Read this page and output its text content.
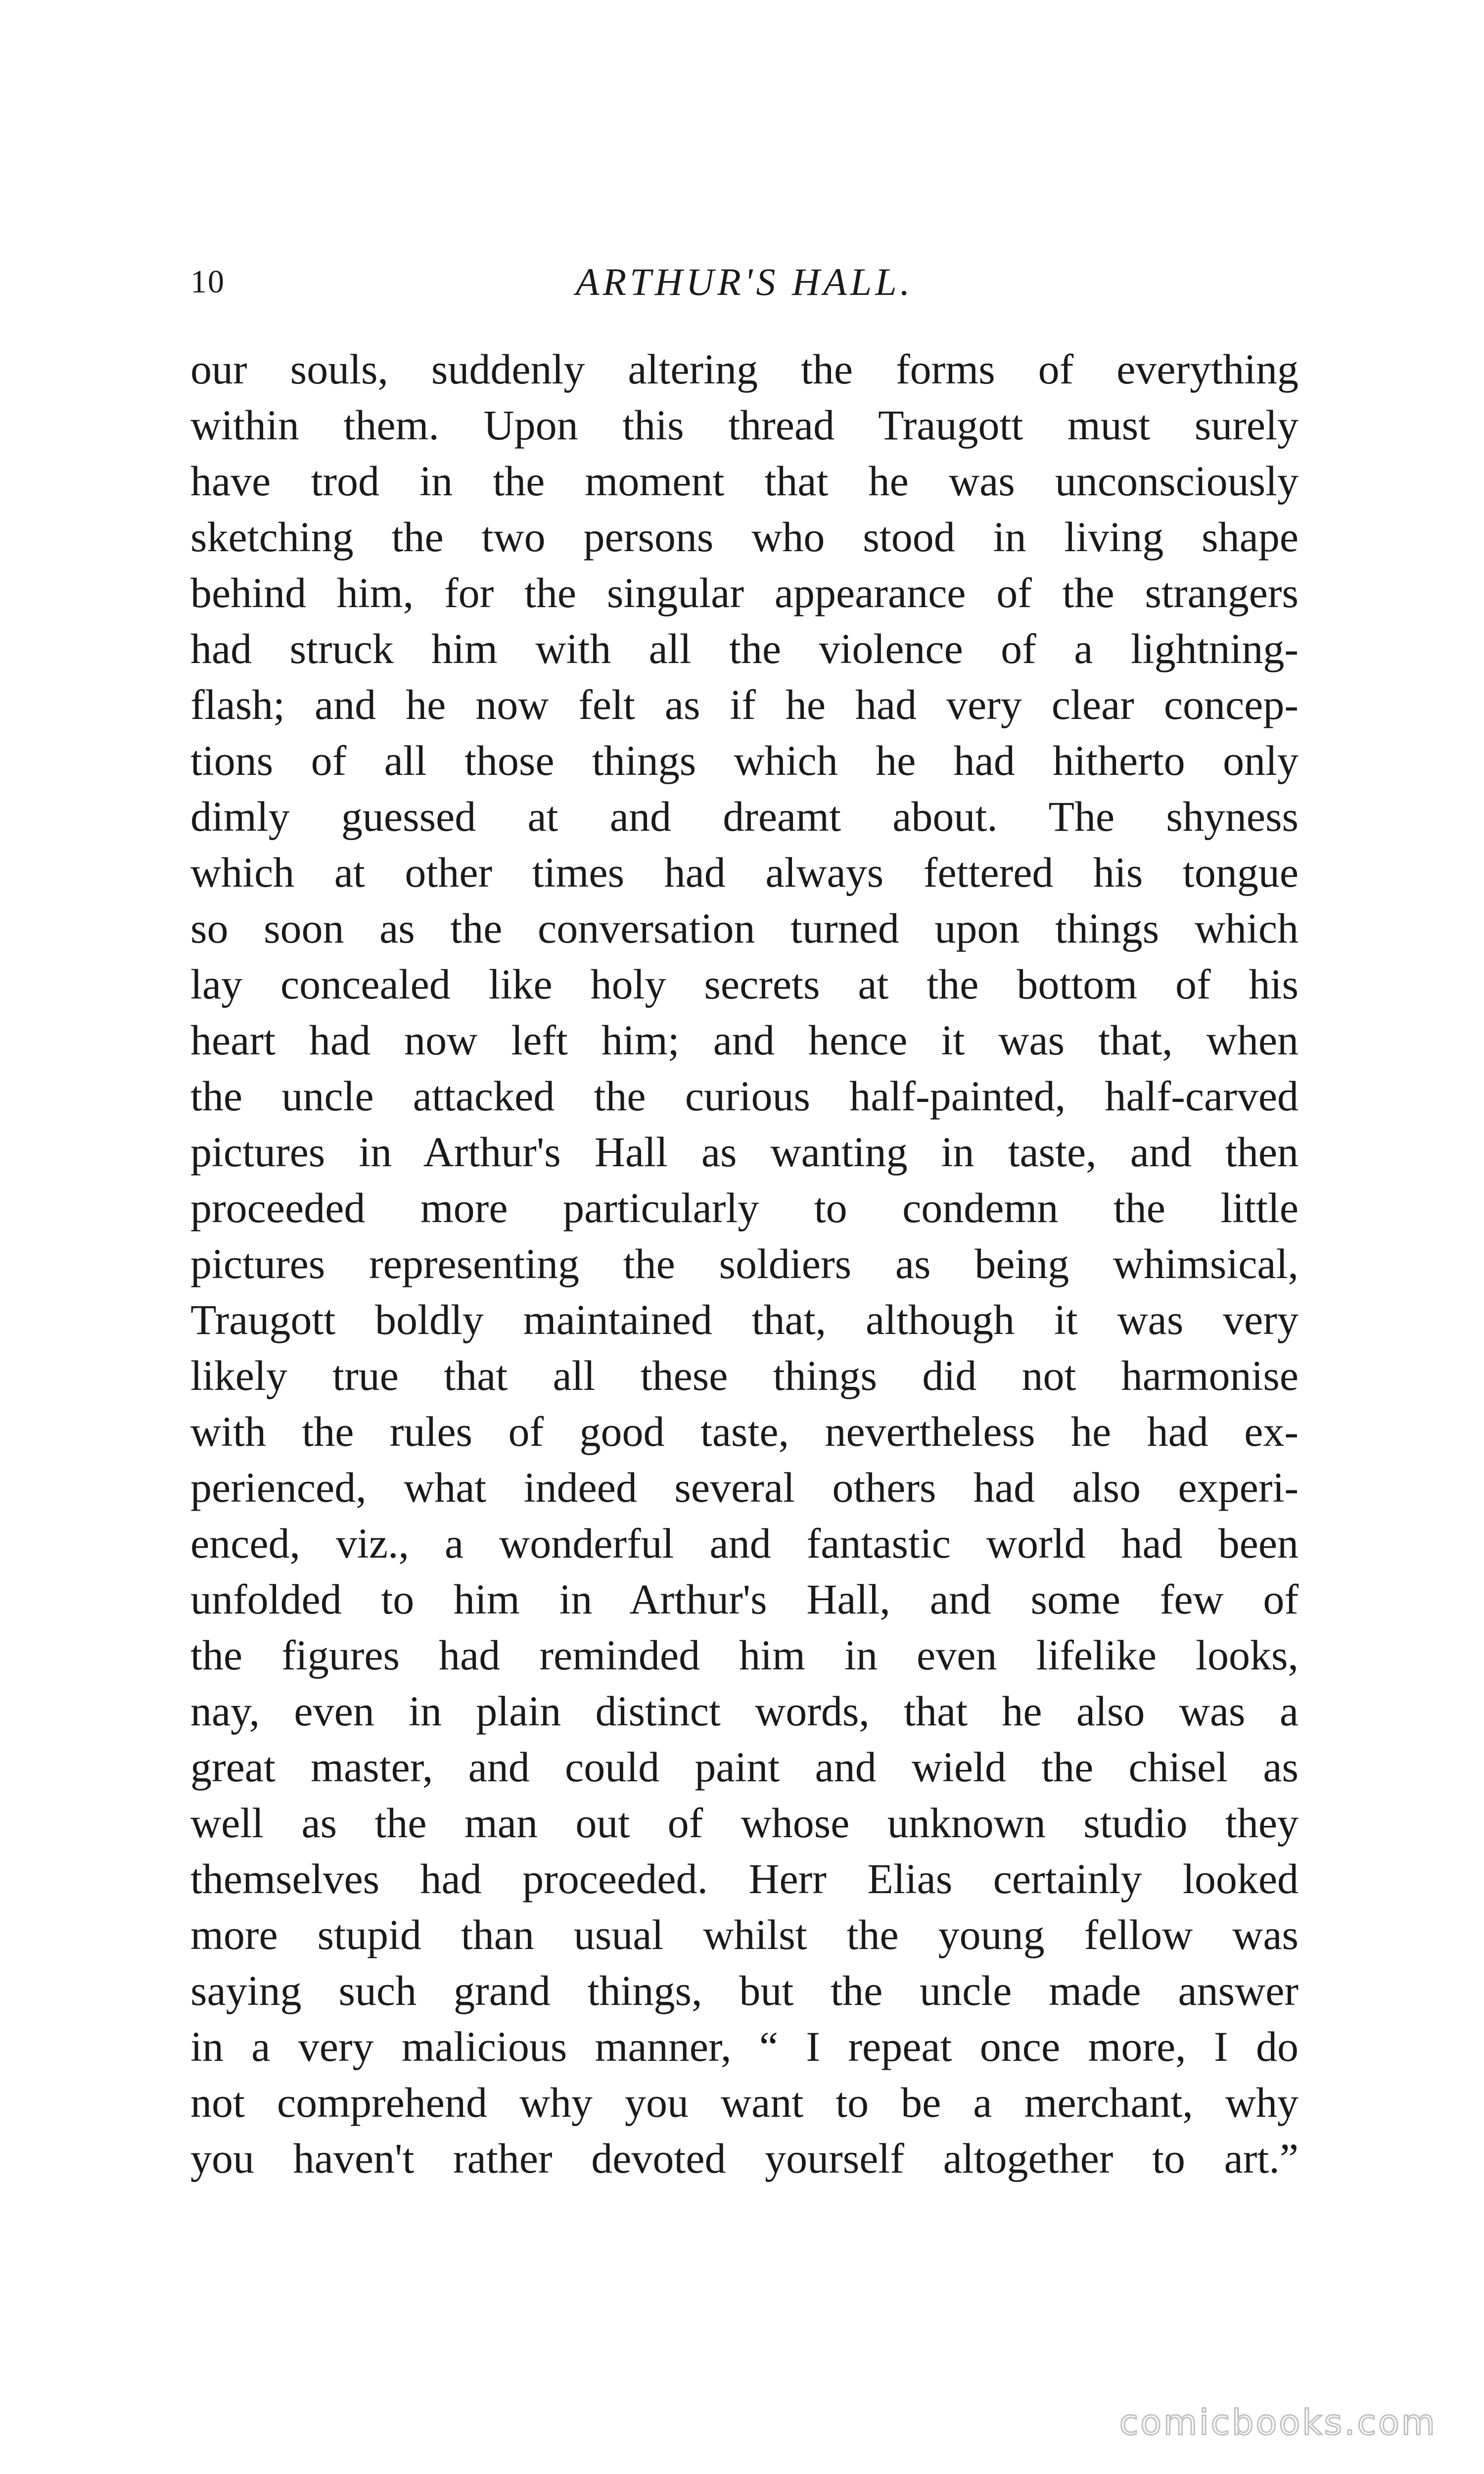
10	ARTHUR'S HALL.
our souls, suddenly altering the forms of everything
within them. Upon this thread Traugott must surely
have trod in the moment that he was unconsciously
sketching the two persons who stood in living shape
behind him, for the singular appearance of the strangers
had struck him with all the violence of a lightning-
flash; and he now felt as if he had very clear concep-
tions of all those things which he had hitherto only
dimly guessed at and dreamt about. The shyness
which at other times had always fettered his tongue
so soon as the conversation turned upon things which
lay concealed like holy secrets at the bottom of his
heart had now left him; and hence it was that, when
the uncle attacked the curious half-painted, half-carved
pictures in Arthur's Hall as wanting in taste, and then
proceeded more particularly to condemn the little
pictures representing the soldiers as being whimsical,
Traugott boldly maintained that, although it was very
likely true that all these things did not harmonise
with the rules of good taste, nevertheless he had ex-
perienced, what indeed several others had also experi-
enced, viz., a wonderful and fantastic world had been
unfolded to him in Arthur's Hall, and some few of
the figures had reminded him in even lifelike looks,
nay, even in plain distinct words, that he also was a
great master, and could paint and wield the chisel as
well as the man out of whose unknown studio they
themselves had proceeded. Herr Elias certainly looked
more stupid than usual whilst the young fellow was
saying such grand things, but the uncle made answer
in a very malicious manner, “ I repeat once more, I do
not comprehend why you want to be a merchant, why
you haven't rather devoted yourself altogether to art.”
comicbooks.com
